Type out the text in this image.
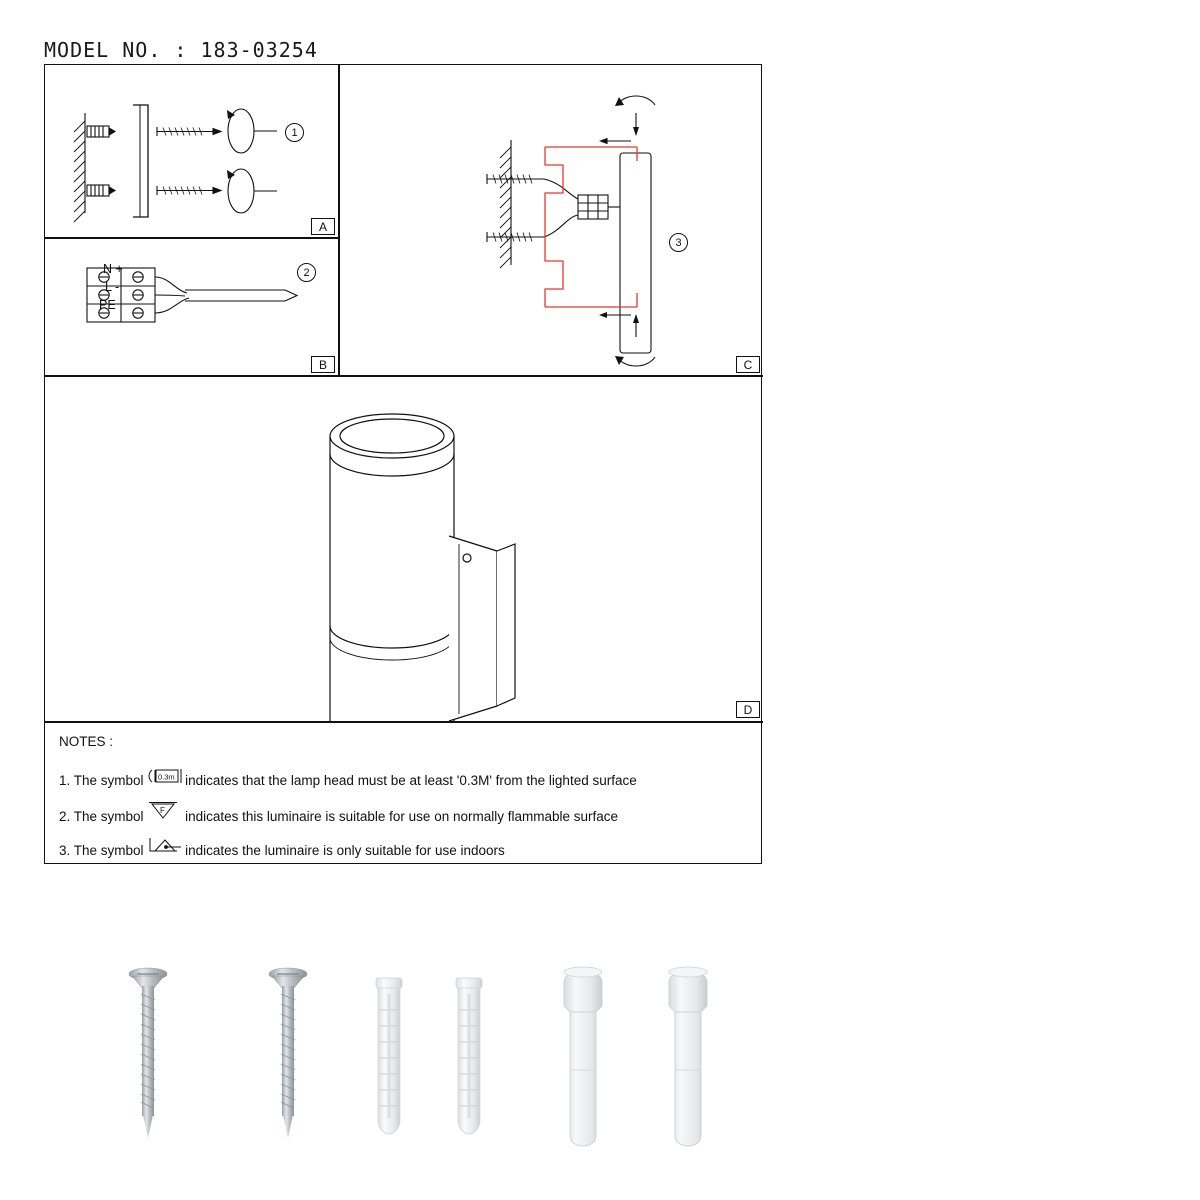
MODEL NO. : 183-03254
1
A
N +
L -
PE
2
B
3
C
D
NOTES :
1. The symbol 0.3m indicates that the lamp head must be at least '0.3M' from the lighted surface
2. The symbol F indicates this luminaire is suitable for use on normally flammable surface
3. The symbol	indicates the luminaire is only suitable for use indoors
